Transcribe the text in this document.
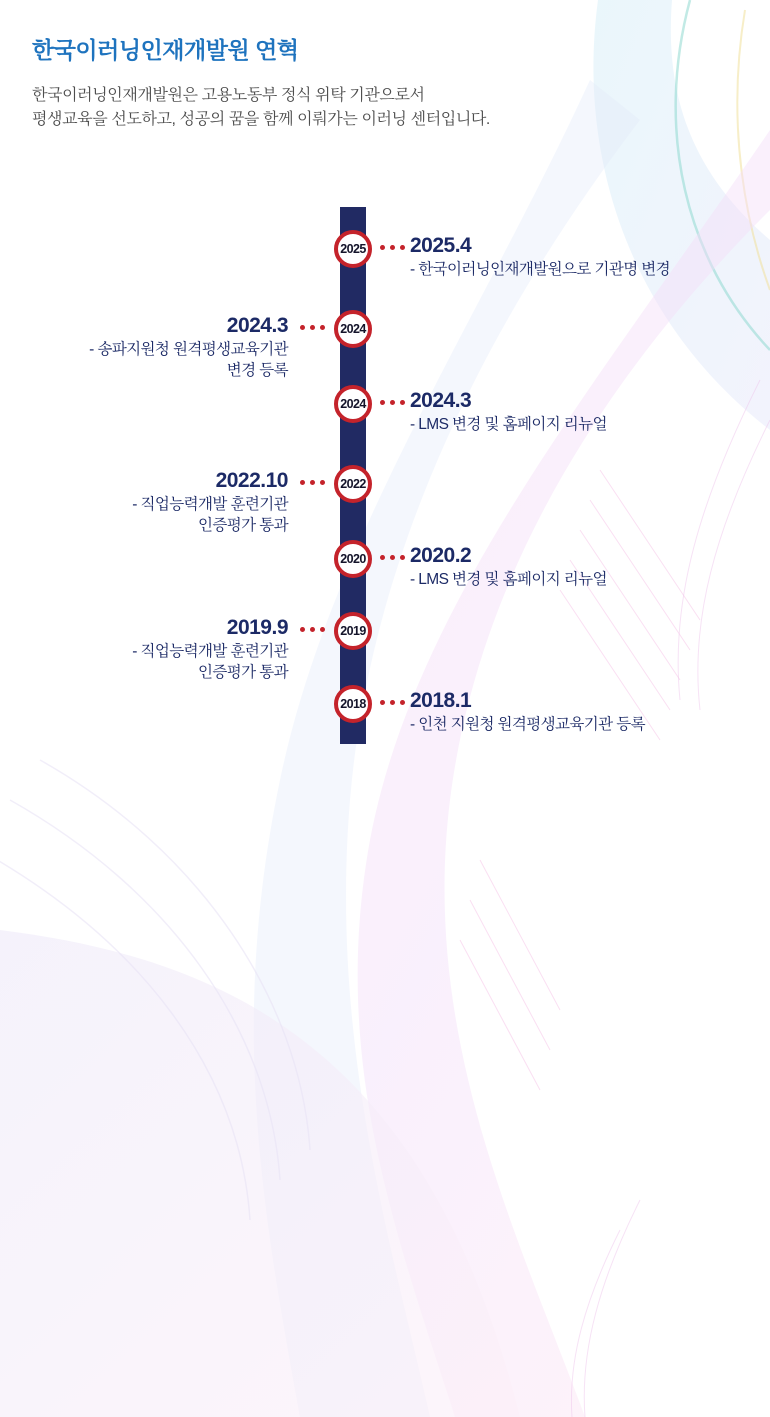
한국이러닝인재개발원 연혁

한국이러닝인재개발원은 고용노동부 정식 위탁 기관으로서
평생교육을 선도하고, 성공의 꿈을 함께 이뤄가는 이러닝 센터입니다.

2025 2025.4
- 한국이러닝인재개발원으로 기관명 변경
2024
2024.3
- 송파지원청 원격평생교육기관
변경 등록
2024 2024.3
- LMS 변경 및 홈페이지 리뉴얼
2022
2022.10
- 직업능력개발 훈련기관
인증평가 통과
2020 2020.2
- LMS 변경 및 홈페이지 리뉴얼
2019
2019.9
- 직업능력개발 훈련기관
인증평가 통과
2018 2018.1
- 인천 지원청 원격평생교육기관 등록
